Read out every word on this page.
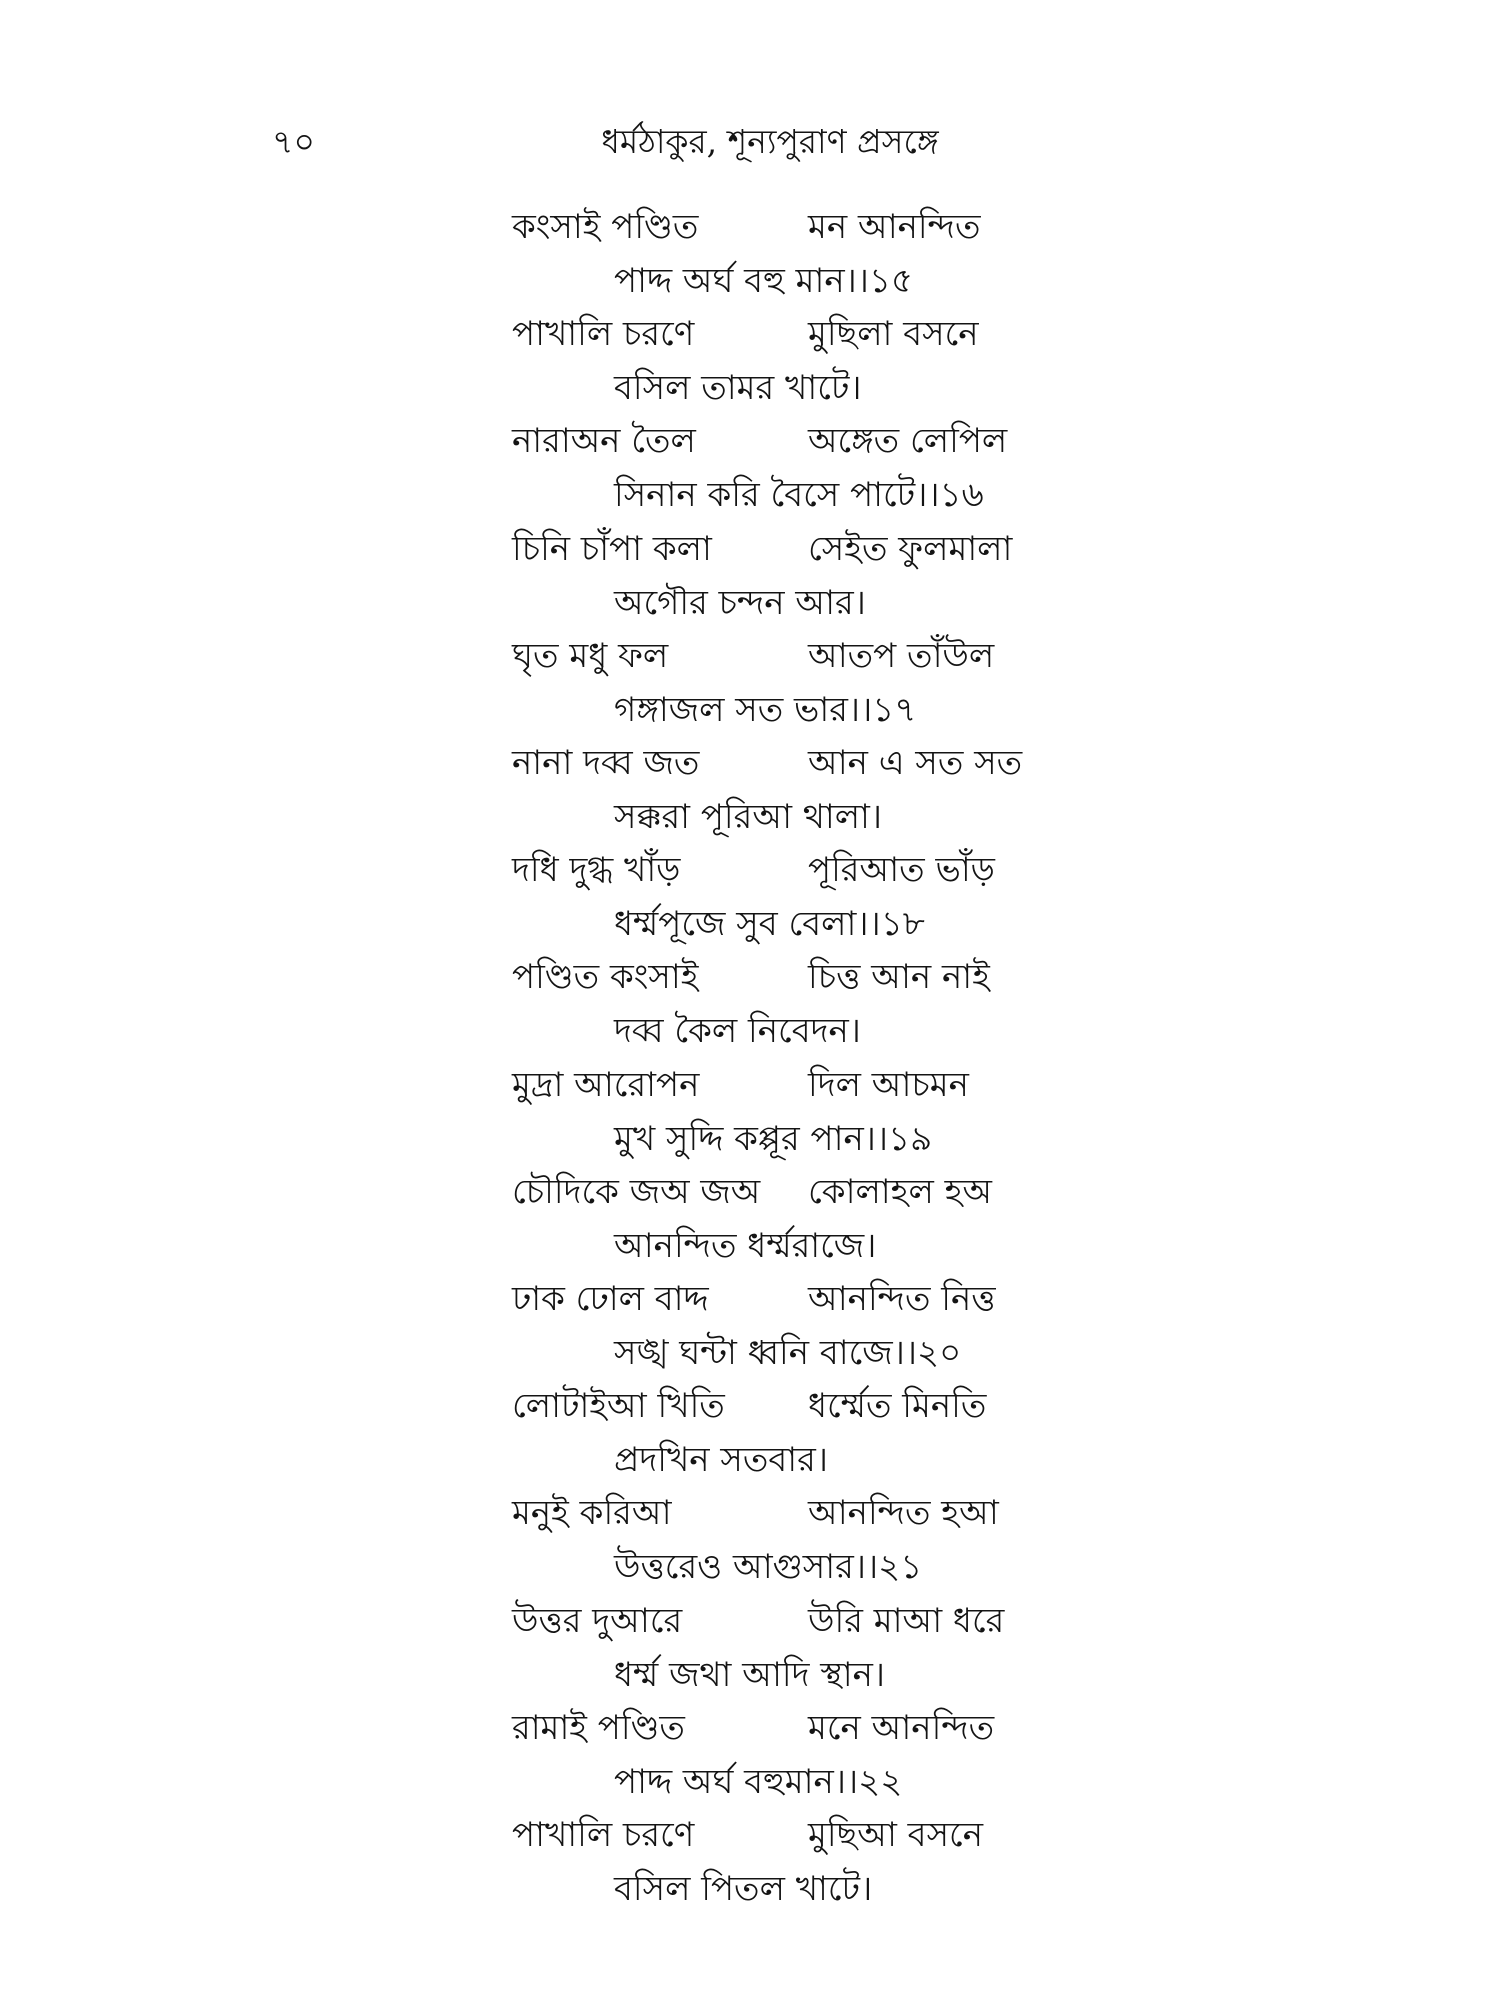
৭০	ধর্মঠাকুর, শূন্যপুরাণ প্রসঙ্গে
কংসাই পণ্ডিত	মন আনন্দিত
পাদ্দ অর্ঘ বহু মান।।১৫
পাখালি চরণে	মুছিলা বসনে
বসিল তামর খাটে।
নারাঅন তৈল	অঙ্গেত লেপিল
সিনান করি বৈসে পাটে।।১৬
চিনি চাঁপা কলা	সেইত ফুলমালা
অগৌর চন্দন আর।
ঘৃত মধু ফল	আতপ তাঁউল
গঙ্গাজল সত ভার।।১৭
নানা দব্ব জত	আন এ সত সত
সক্করা পূরিআ থালা।
দধি দুগ্ধ খাঁড়	পূরিআত ভাঁড়
ধর্ম্মপূজে সুব বেলা।।১৮
পণ্ডিত কংসাই	চিত্ত আন নাই
দব্ব কৈল নিবেদন।
মুদ্রা আরোপন	দিল আচমন
মুখ সুদ্দি কপ্পূর পান।।১৯
চৌদিকে জঅ জঅ কোলাহল হঅ
আনন্দিত ধর্ম্মরাজে।
ঢাক ঢোল বাদ্দ	আনন্দিত নিত্ত
সঙ্খ ঘন্টা ধ্বনি বাজে।।২০
লোটাইআ খিতি ধর্ম্মেত মিনতি
প্রদখিন সতবার।
মনুই করিআ	আনন্দিত হআ
উত্তরেও আগুসার।।২১
উত্তর দুআরে	উরি মাআ ধরে
ধর্ম্ম জথা আদি স্থান।
রামাই পণ্ডিত	মনে আনন্দিত
পাদ্দ অর্ঘ বহুমান।।২২
পাখালি চরণে	মুছিআ বসনে
বসিল পিতল খাটে।
